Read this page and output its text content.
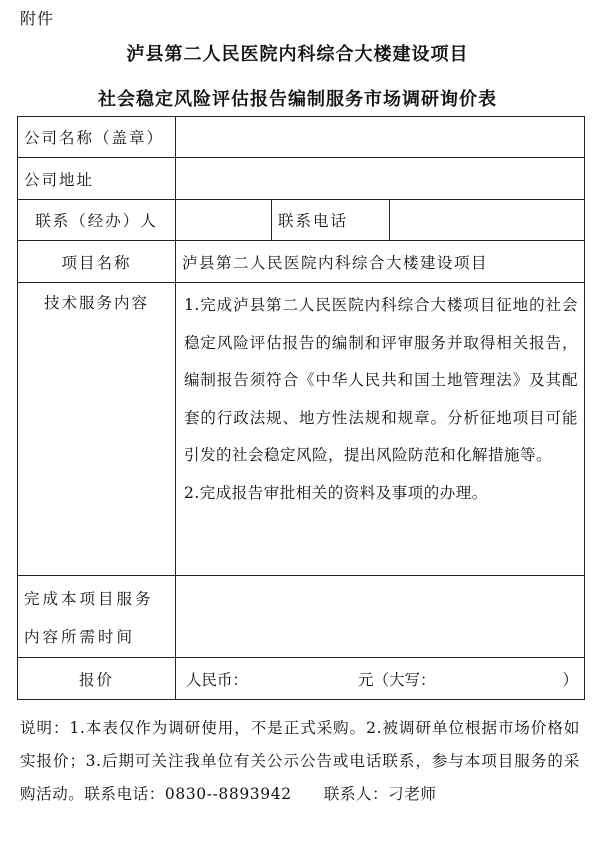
附件
泸县第二人民医院内科综合大楼建设项目
社会稳定风险评估报告编制服务市场调研询价表
公司名称（盖章）			
公司地址			
联系（经办）人		联系电话	
项目名称	泸县第二人民医院内科综合大楼建设项目		
技术服务内容	1.完成泸县第二人民医院内科综合大楼项目征地的社会稳定风险评估报告的编制和评审服务并取得相关报告，编制报告须符合《中华人民共和国土地管理法》及其配套的行政法规、地方性法规和规章。分析征地项目可能引发的社会稳定风险，提出风险防范和化解措施等。

2.完成报告审批相关的资料及事项的办理。		

完成本项目服务内容所需时间			
报价	人民币： 元（大写： ）		
说明：1.本表仅作为调研使用，不是正式采购。2.被调研单位根据市场价格如实报价；3.后期可关注我单位有关公示公告或电话联系，参与本项目服务的采购活动。联系电话：0830--8893942　　联系人：刁老师
